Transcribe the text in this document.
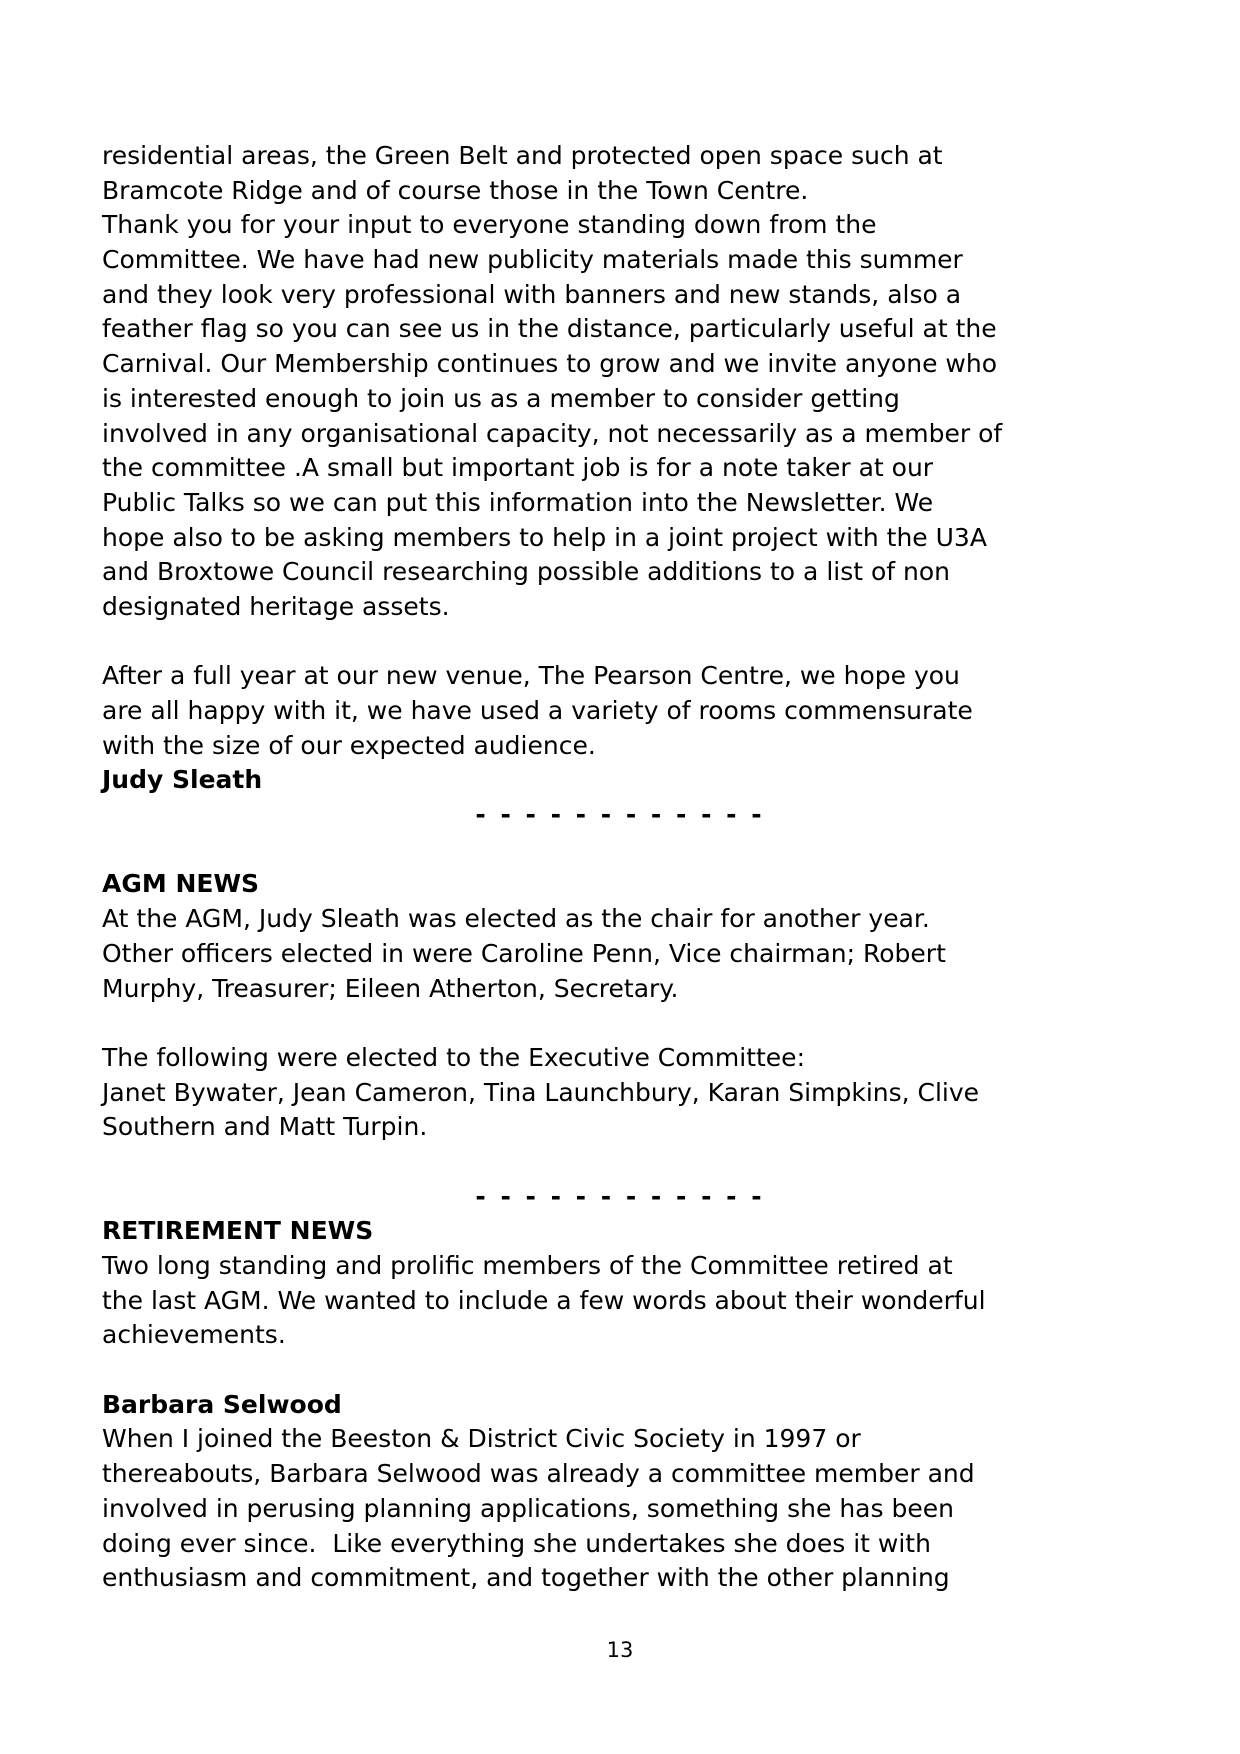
residential areas, the Green Belt and protected open space such at
Bramcote Ridge and of course those in the Town Centre.
Thank you for your input to everyone standing down from the
Committee. We have had new publicity materials made this summer
and they look very professional with banners and new stands, also a
feather flag so you can see us in the distance, particularly useful at the
Carnival. Our Membership continues to grow and we invite anyone who
is interested enough to join us as a member to consider getting
involved in any organisational capacity, not necessarily as a member of
the committee .A small but important job is for a note taker at our
Public Talks so we can put this information into the Newsletter. We
hope also to be asking members to help in a joint project with the U3A
and Broxtowe Council researching possible additions to a list of non
designated heritage assets.
After a full year at our new venue, The Pearson Centre, we hope you
are all happy with it, we have used a variety of rooms commensurate
with the size of our expected audience.
Judy Sleath
- - - - - - - - - - - -
AGM NEWS
At the AGM, Judy Sleath was elected as the chair for another year.
Other officers elected in were Caroline Penn, Vice chairman; Robert
Murphy, Treasurer; Eileen Atherton, Secretary.
The following were elected to the Executive Committee:
Janet Bywater, Jean Cameron, Tina Launchbury, Karan Simpkins, Clive
Southern and Matt Turpin.
- - - - - - - - - - - -
RETIREMENT NEWS
Two long standing and prolific members of the Committee retired at
the last AGM. We wanted to include a few words about their wonderful
achievements.
Barbara Selwood
When I joined the Beeston & District Civic Society in 1997 or
thereabouts, Barbara Selwood was already a committee member and
involved in perusing planning applications, something she has been
doing ever since.  Like everything she undertakes she does it with
enthusiasm and commitment, and together with the other planning
13
